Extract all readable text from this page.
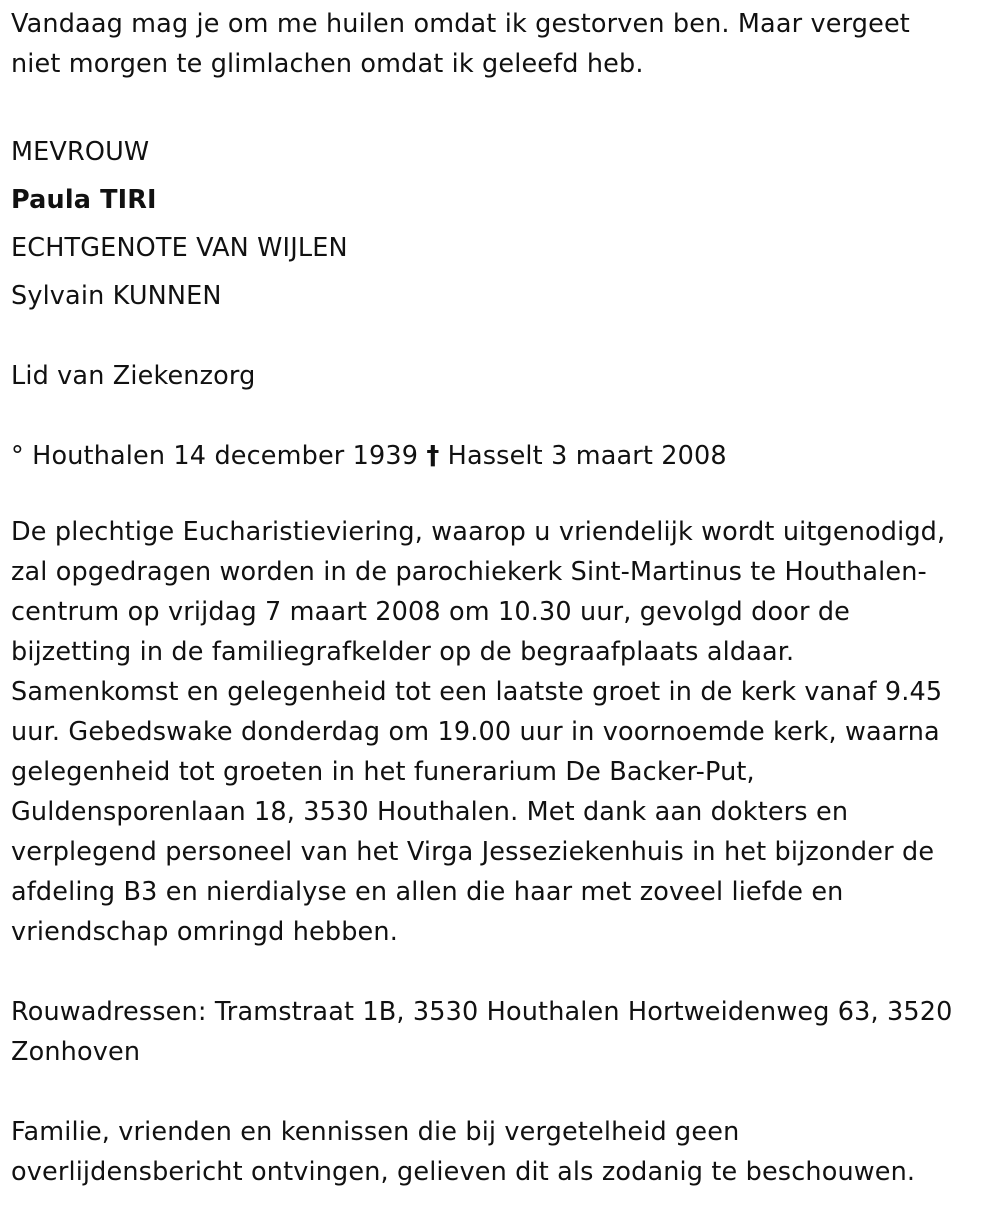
Vandaag mag je om me huilen omdat ik gestorven ben. Maar vergeet
niet morgen te glimlachen omdat ik geleefd heb.
MEVROUW
Paula TIRI
ECHTGENOTE VAN WIJLEN
Sylvain KUNNEN
Lid van Ziekenzorg
° Houthalen 14 december 1939 † Hasselt 3 maart 2008
De plechtige Eucharistieviering, waarop u vriendelijk wordt uitgenodigd,
zal opgedragen worden in de parochiekerk Sint-Martinus te Houthalen-
centrum op vrijdag 7 maart 2008 om 10.30 uur, gevolgd door de
bijzetting in de familiegrafkelder op de begraafplaats aldaar.
Samenkomst en gelegenheid tot een laatste groet in de kerk vanaf 9.45
uur. Gebedswake donderdag om 19.00 uur in voornoemde kerk, waarna
gelegenheid tot groeten in het funerarium De Backer-Put,
Guldensporenlaan 18, 3530 Houthalen. Met dank aan dokters en
verplegend personeel van het Virga Jesseziekenhuis in het bijzonder de
afdeling B3 en nierdialyse en allen die haar met zoveel liefde en
vriendschap omringd hebben.
Rouwadressen: Tramstraat 1B, 3530 Houthalen Hortweidenweg 63, 3520
Zonhoven
Familie, vrienden en kennissen die bij vergetelheid geen
overlijdensbericht ontvingen, gelieven dit als zodanig te beschouwen.
